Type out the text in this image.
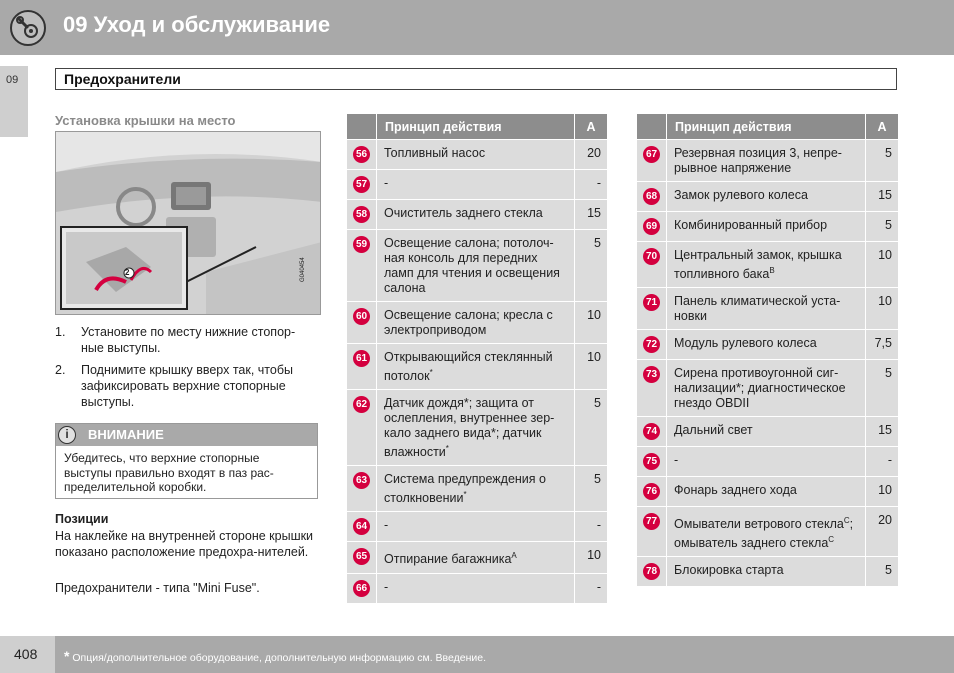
09 Уход и обслуживание
09	Предохранители
Установка крышки на место
2	G040454
1. Установите по месту нижние стопор-ные выступы.
2. Поднимите крышку вверх так, чтобы зафиксировать верхние стопорные выступы.
i	ВНИМАНИЕ
Убедитесь, что верхние стопорные выступы правильно входят в паз рас-пределительной коробки.
Позиции
На наклейке на внутренней стороне крышки показано расположение предохра-нителей.
Предохранители - типа "Mini Fuse".
	Принцип действия	A
56	Топливный насос	20
57	-	-
58	Очиститель заднего стекла	15
59	Освещение салона; потолоч-ная консоль для передних ламп для чтения и освещения салона	5
60	Освещение салона; кресла с электроприводом	10
61	Открывающийся стеклянный потолок*	10
62	Датчик дождя*; защита от ослепления, внутреннее зер-кало заднего вида*; датчик влажности*	5
63	Система предупреждения о столкновении*	5
64	-	-
65	Отпирание багажника$^A$	10
66	-	-
	Принцип действия	A
67	Резервная позиция 3, непре-рывное напряжение	5
68	Замок рулевого колеса	15
69	Комбинированный прибор	5
70	Центральный замок, крышка топливного бака$^B$	10
71	Панель климатической уста-новки	10
72	Модуль рулевого колеса	7,5
73	Сирена противоугонной сиг-нализации*; диагностическое гнездо OBDII	5
74	Дальний свет	15
75	-	-
76	Фонарь заднего хода	10
77	Омыватели ветрового стекла$^C$; омыватель заднего стекла$^C$	20
78	Блокировка старта	5
408 * Опция/дополнительное оборудование, дополнительную информацию см. Введение.
